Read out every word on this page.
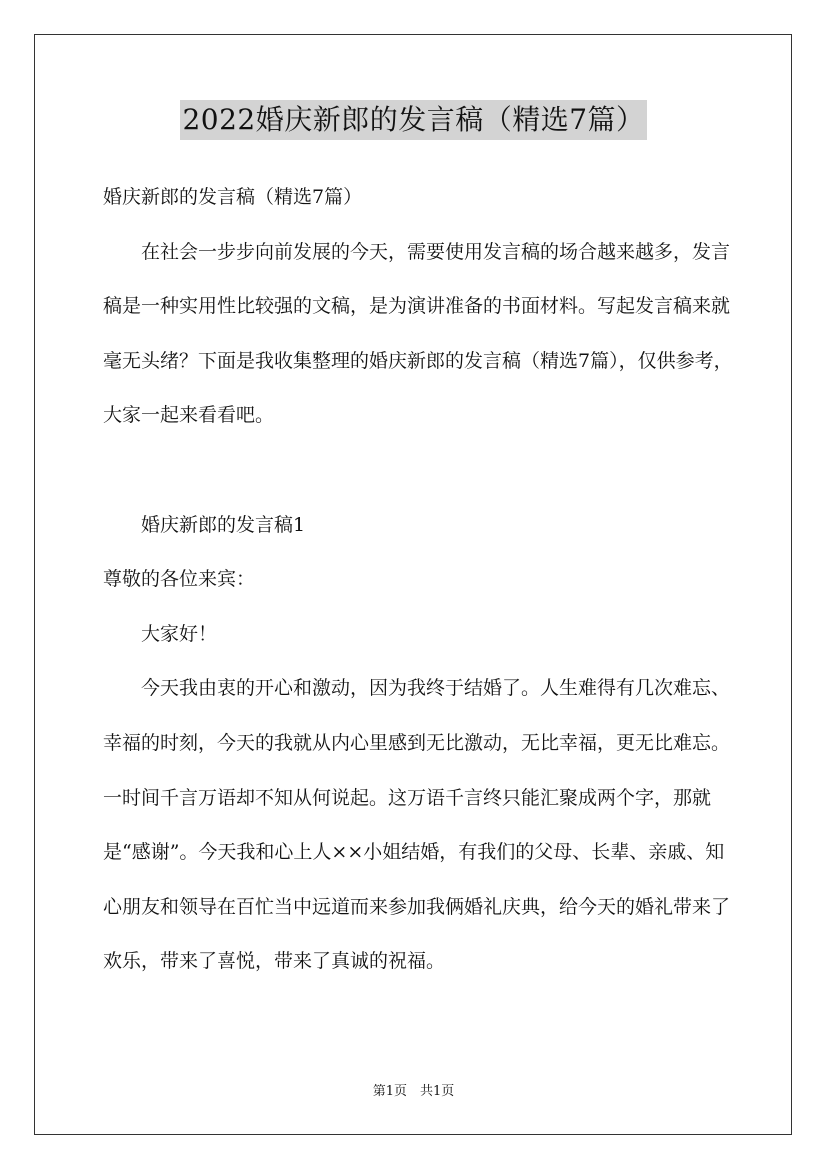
2022婚庆新郎的发言稿（精选7篇）

婚庆新郎的发言稿（精选7篇）

在社会一步步向前发展的今天，需要使用发言稿的场合越来越多，发言稿是一种实用性比较强的文稿，是为演讲准备的书面材料。写起发言稿来就毫无头绪？下面是我收集整理的婚庆新郎的发言稿（精选7篇），仅供参考，大家一起来看看吧。

婚庆新郎的发言稿1

尊敬的各位来宾：

大家好！

今天我由衷的开心和激动，因为我终于结婚了。人生难得有几次难忘、幸福的时刻，今天的我就从内心里感到无比激动，无比幸福，更无比难忘。一时间千言万语却不知从何说起。这万语千言终只能汇聚成两个字，那就是“感谢”。今天我和心上人××小姐结婚，有我们的父母、长辈、亲戚、知心朋友和领导在百忙当中远道而来参加我俩婚礼庆典，给今天的婚礼带来了欢乐，带来了喜悦，带来了真诚的祝福。

第1页　共1页
